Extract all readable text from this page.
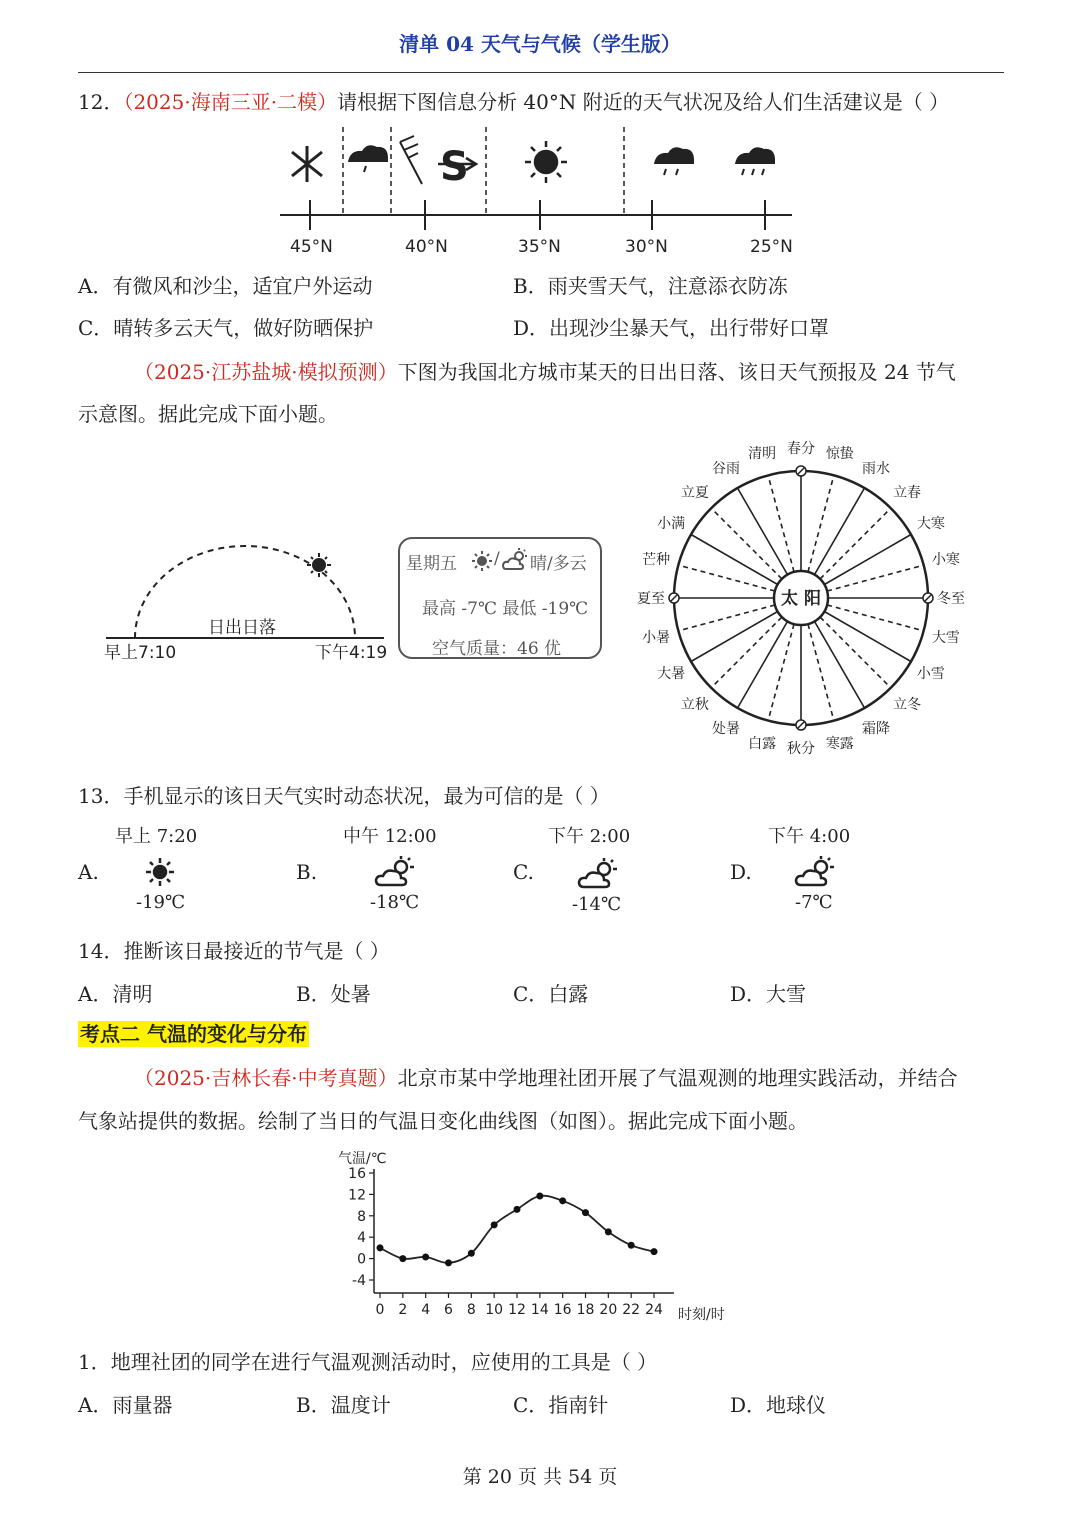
清单 04 天气与气候（学生版）
12．（2025·海南三亚·二模）请根据下图信息分析 40°N 附近的天气状况及给人们生活建议是（ ）
S
45°N	40°N	35°N	30°N	25°N
A．有微风和沙尘，适宜户外运动	B．雨夹雪天气，注意添衣防冻
C．晴转多云天气，做好防晒保护	D．出现沙尘暴天气，出行带好口罩
（2025·江苏盐城·模拟预测）下图为我国北方城市某天的日出日落、该日天气预报及 24 节气
示意图。据此完成下面小题。
日出日落
早上7:10	下午4:19
星期五 / 晴/多云
最高 -7℃ 最低 -19℃
空气质量：46 优
太 阳
春分 惊蛰
雨水
立春
大寒
小寒
冬至
大雪
小雪
立冬
霜降
寒露
秋分
白露
处暑
立秋
大暑
小暑
夏至
芒种
小满
立夏
谷雨
清明
13．手机显示的该日天气实时动态状况，最为可信的是（ ）
早上 7:20	中午 12:00	下午 2:00	下午 4:00
A.	B.	C.	D.
-19℃	-18℃	-14℃	-7℃
14．推断该日最接近的节气是（ ）
A．清明	B．处暑	C．白露	D．大雪
考点二 气温的变化与分布
（2025·吉林长春·中考真题）北京市某中学地理社团开展了气温观测的地理实践活动，并结合
气象站提供的数据。绘制了当日的气温日变化曲线图（如图）。据此完成下面小题。
气温/℃
时刻/时
16
12
8
4
0
-4
0 2 4 6 8 10 12 14 16 18 20 22 24
1．地理社团的同学在进行气温观测活动时，应使用的工具是（ ）
A．雨量器	B．温度计	C．指南针	D．地球仪
第 20 页 共 54 页
